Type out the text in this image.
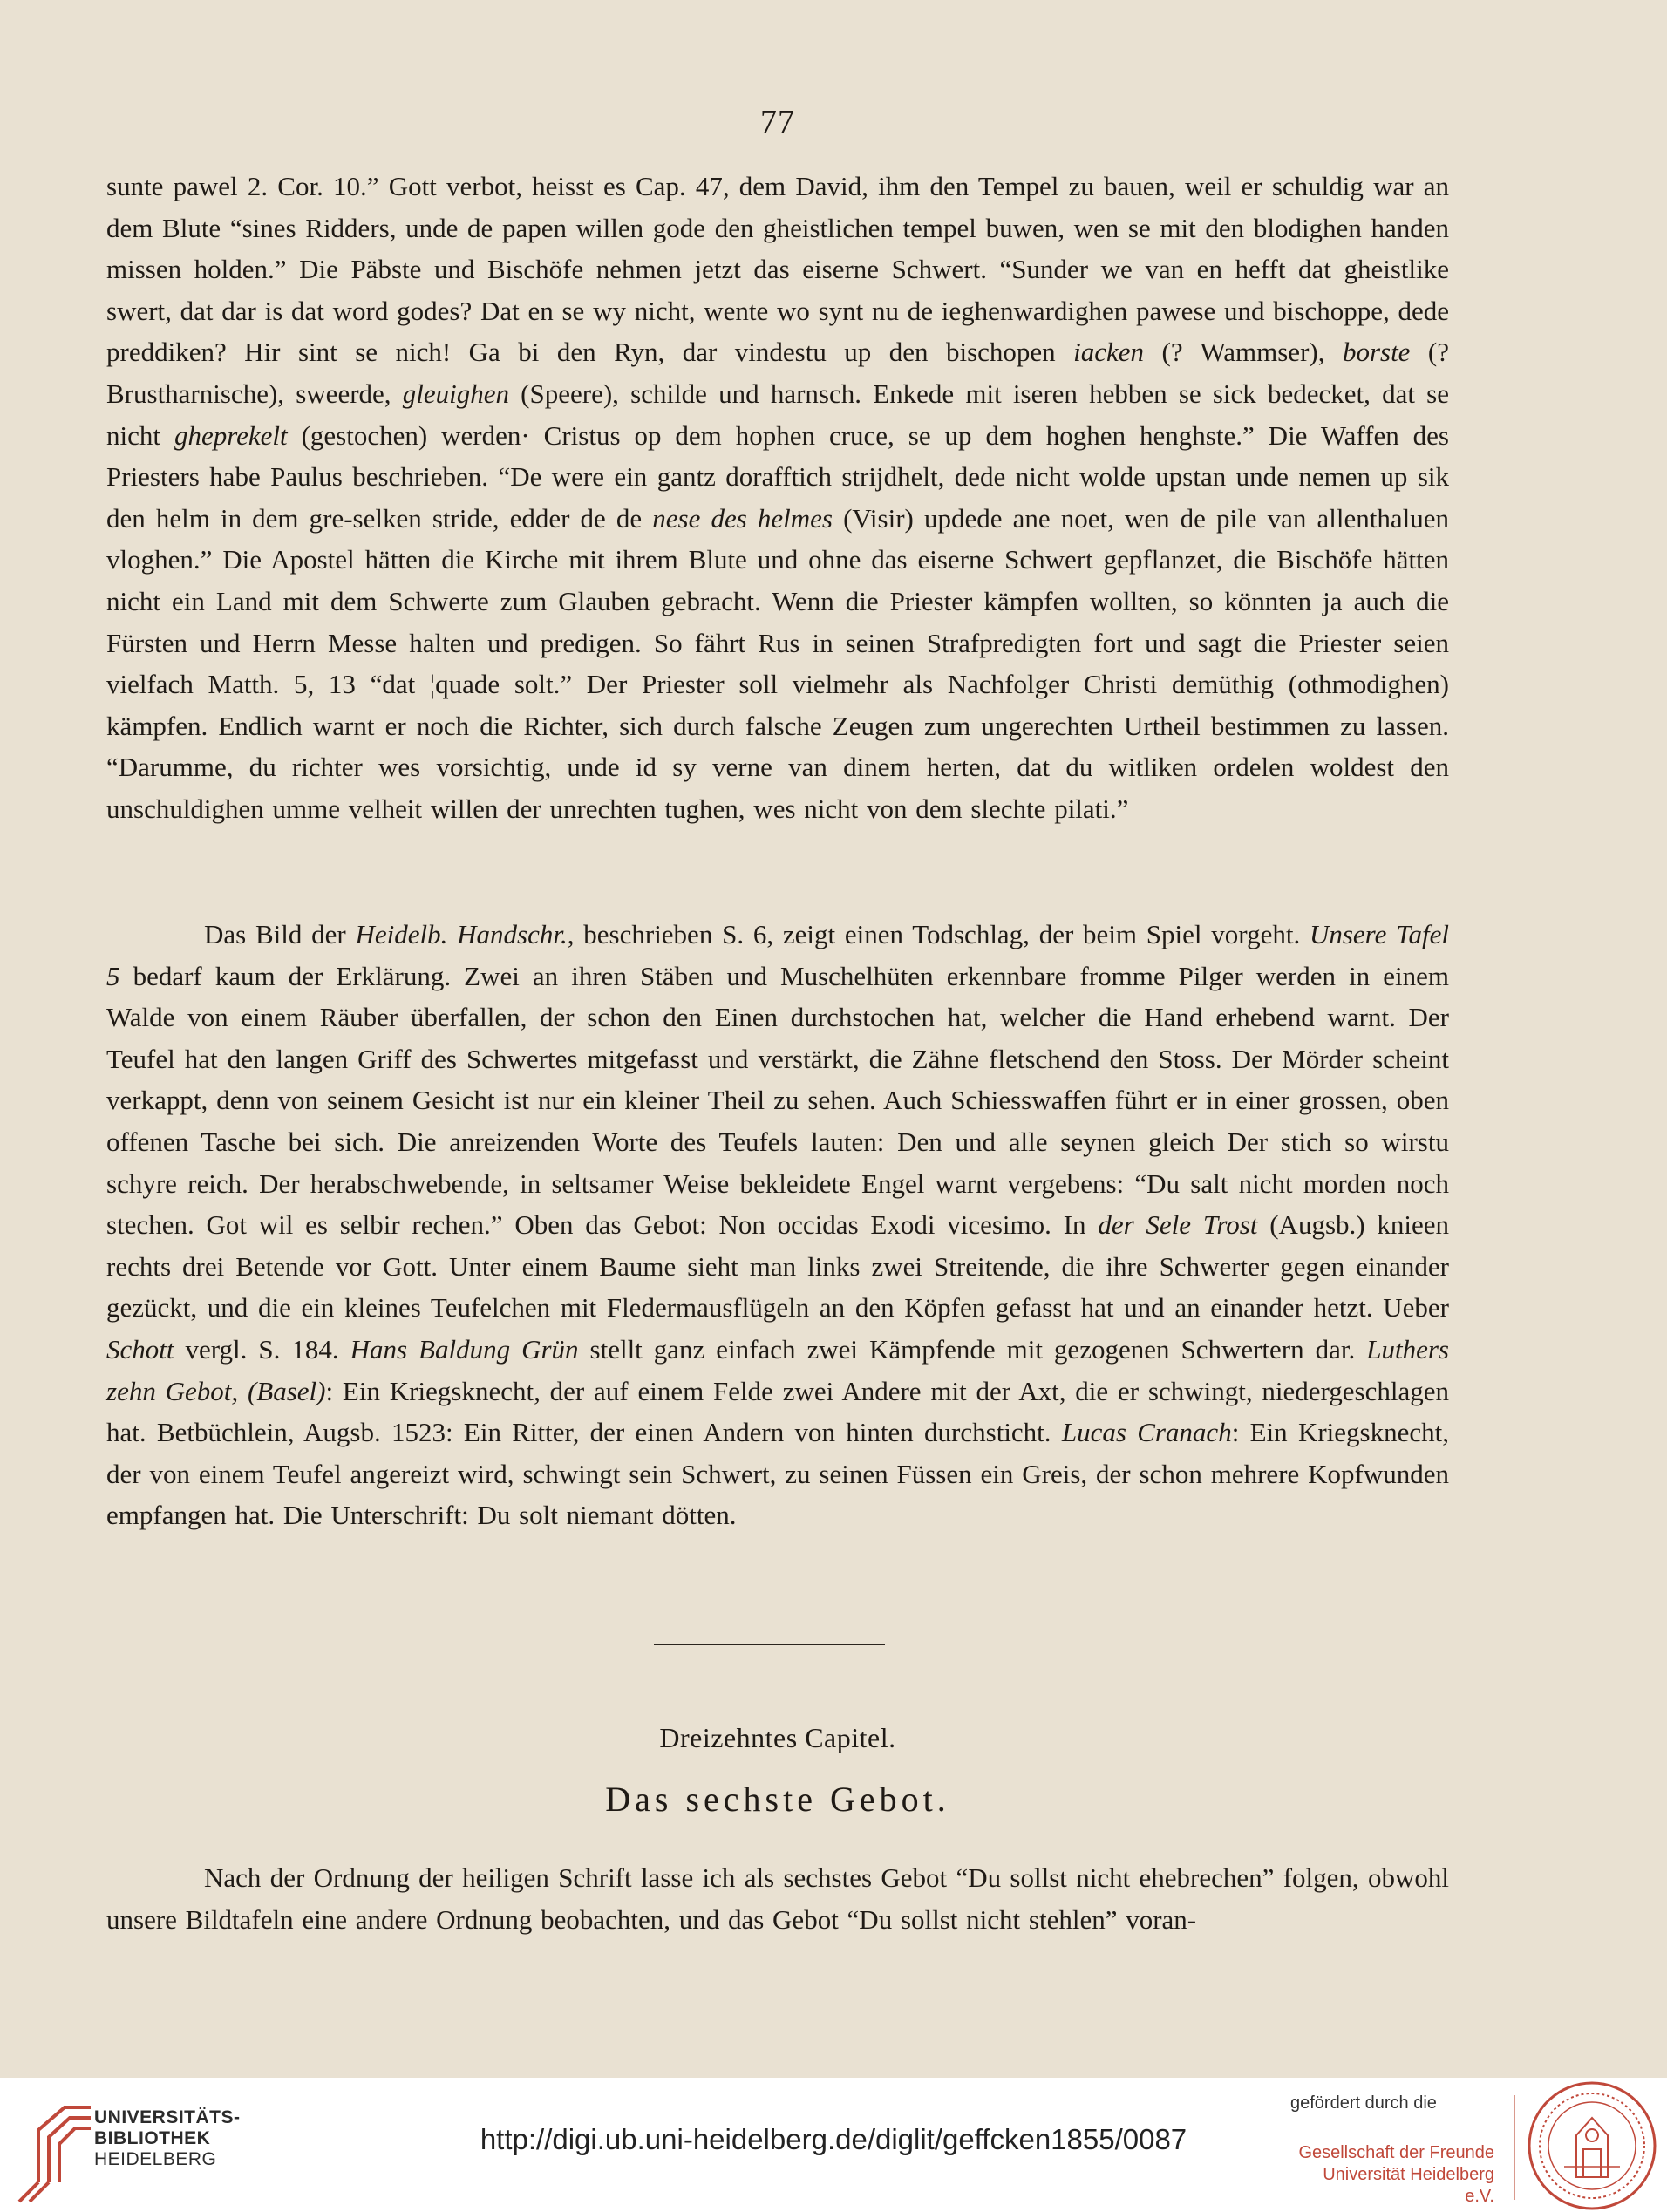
77

sunte pawel 2. Cor. 10.” Gott verbot, heisst es Cap. 47, dem David, ihm den Tempel zu bauen, weil er schuldig war an dem Blute “sines Ridders, unde de papen willen gode den gheistlichen tempel buwen, wen se mit den blodighen handen missen holden.” Die Päbste und Bischöfe nehmen jetzt das eiserne Schwert. “Sunder we van en hefft dat gheistlike swert, dat dar is dat word godes? Dat en se wy nicht, wente wo synt nu de ieghenwardighen pawese und bischoppe, dede preddiken? Hir sint se nich! Ga bi den Ryn, dar vindestu up den bischopen iacken (? Wammser), borste (? Brustharnische), sweerde, gleuighen (Speere), schilde und harnsch. Enkede mit iseren hebben se sick bedecket, dat se nicht gheprekelt (gestochen) werden· Cristus op dem hophen cruce, se up dem hoghen henghste.” Die Waffen des Priesters habe Paulus beschrieben. “De were ein gantz dorafftich strijdhelt, dede nicht wolde upstan unde nemen up sik den helm in dem gre-selken stride, edder de de nese des helmes (Visir) updede ane noet, wen de pile van allenthaluen vloghen.” Die Apostel hätten die Kirche mit ihrem Blute und ohne das eiserne Schwert gepflanzet, die Bischöfe hätten nicht ein Land mit dem Schwerte zum Glauben gebracht. Wenn die Priester kämpfen wollten, so könnten ja auch die Fürsten und Herrn Messe halten und predigen. So fährt Rus in seinen Strafpredigten fort und sagt die Priester seien vielfach Matth. 5, 13 “dat ¦quade solt.” Der Priester soll vielmehr als Nachfolger Christi demüthig (othmodighen) kämpfen. Endlich warnt er noch die Richter, sich durch falsche Zeugen zum ungerechten Urtheil bestimmen zu lassen. “Darumme, du richter wes vorsichtig, unde id sy verne van dinem herten, dat du witliken ordelen woldest den unschuldighen umme velheit willen der unrechten tughen, wes nicht von dem slechte pilati.”

Das Bild der Heidelb. Handschr., beschrieben S. 6, zeigt einen Todschlag, der beim Spiel vorgeht. Unsere Tafel 5 bedarf kaum der Erklärung. Zwei an ihren Stäben und Muschelhüten erkennbare fromme Pilger werden in einem Walde von einem Räuber überfallen, der schon den Einen durchstochen hat, welcher die Hand erhebend warnt. Der Teufel hat den langen Griff des Schwertes mitgefasst und verstärkt, die Zähne fletschend den Stoss. Der Mörder scheint verkappt, denn von seinem Gesicht ist nur ein kleiner Theil zu sehen. Auch Schiesswaffen führt er in einer grossen, oben offenen Tasche bei sich. Die anreizenden Worte des Teufels lauten: Den und alle seynen gleich Der stich so wirstu schyre reich. Der herabschwebende, in seltsamer Weise bekleidete Engel warnt vergebens: “Du salt nicht morden noch stechen. Got wil es selbir rechen.” Oben das Gebot: Non occidas Exodi vicesimo. In der Sele Trost (Augsb.) knieen rechts drei Betende vor Gott. Unter einem Baume sieht man links zwei Streitende, die ihre Schwerter gegen einander gezückt, und die ein kleines Teufelchen mit Fledermausflügeln an den Köpfen gefasst hat und an einander hetzt. Ueber Schott vergl. S. 184. Hans Baldung Grün stellt ganz einfach zwei Kämpfende mit gezogenen Schwertern dar. Luthers zehn Gebot, (Basel): Ein Kriegsknecht, der auf einem Felde zwei Andere mit der Axt, die er schwingt, niedergeschlagen hat. Betbüchlein, Augsb. 1523: Ein Ritter, der einen Andern von hinten durchsticht. Lucas Cranach: Ein Kriegsknecht, der von einem Teufel angereizt wird, schwingt sein Schwert, zu seinen Füssen ein Greis, der schon mehrere Kopfwunden empfangen hat. Die Unterschrift: Du solt niemant dötten.

Dreizehntes Capitel.
Das sechste Gebot.

Nach der Ordnung der heiligen Schrift lasse ich als sechstes Gebot “Du sollst nicht ehebrechen” folgen, obwohl unsere Bildtafeln eine andere Ordnung beobachten, und das Gebot “Du sollst nicht stehlen” voran-

UNIVERSITÄTS-
BIBLIOTHEK
HEIDELBERG
http://digi.ub.uni-heidelberg.de/diglit/geffcken1855/0087
gefördert durch die
Gesellschaft der Freunde
Universität Heidelberg e.V.
